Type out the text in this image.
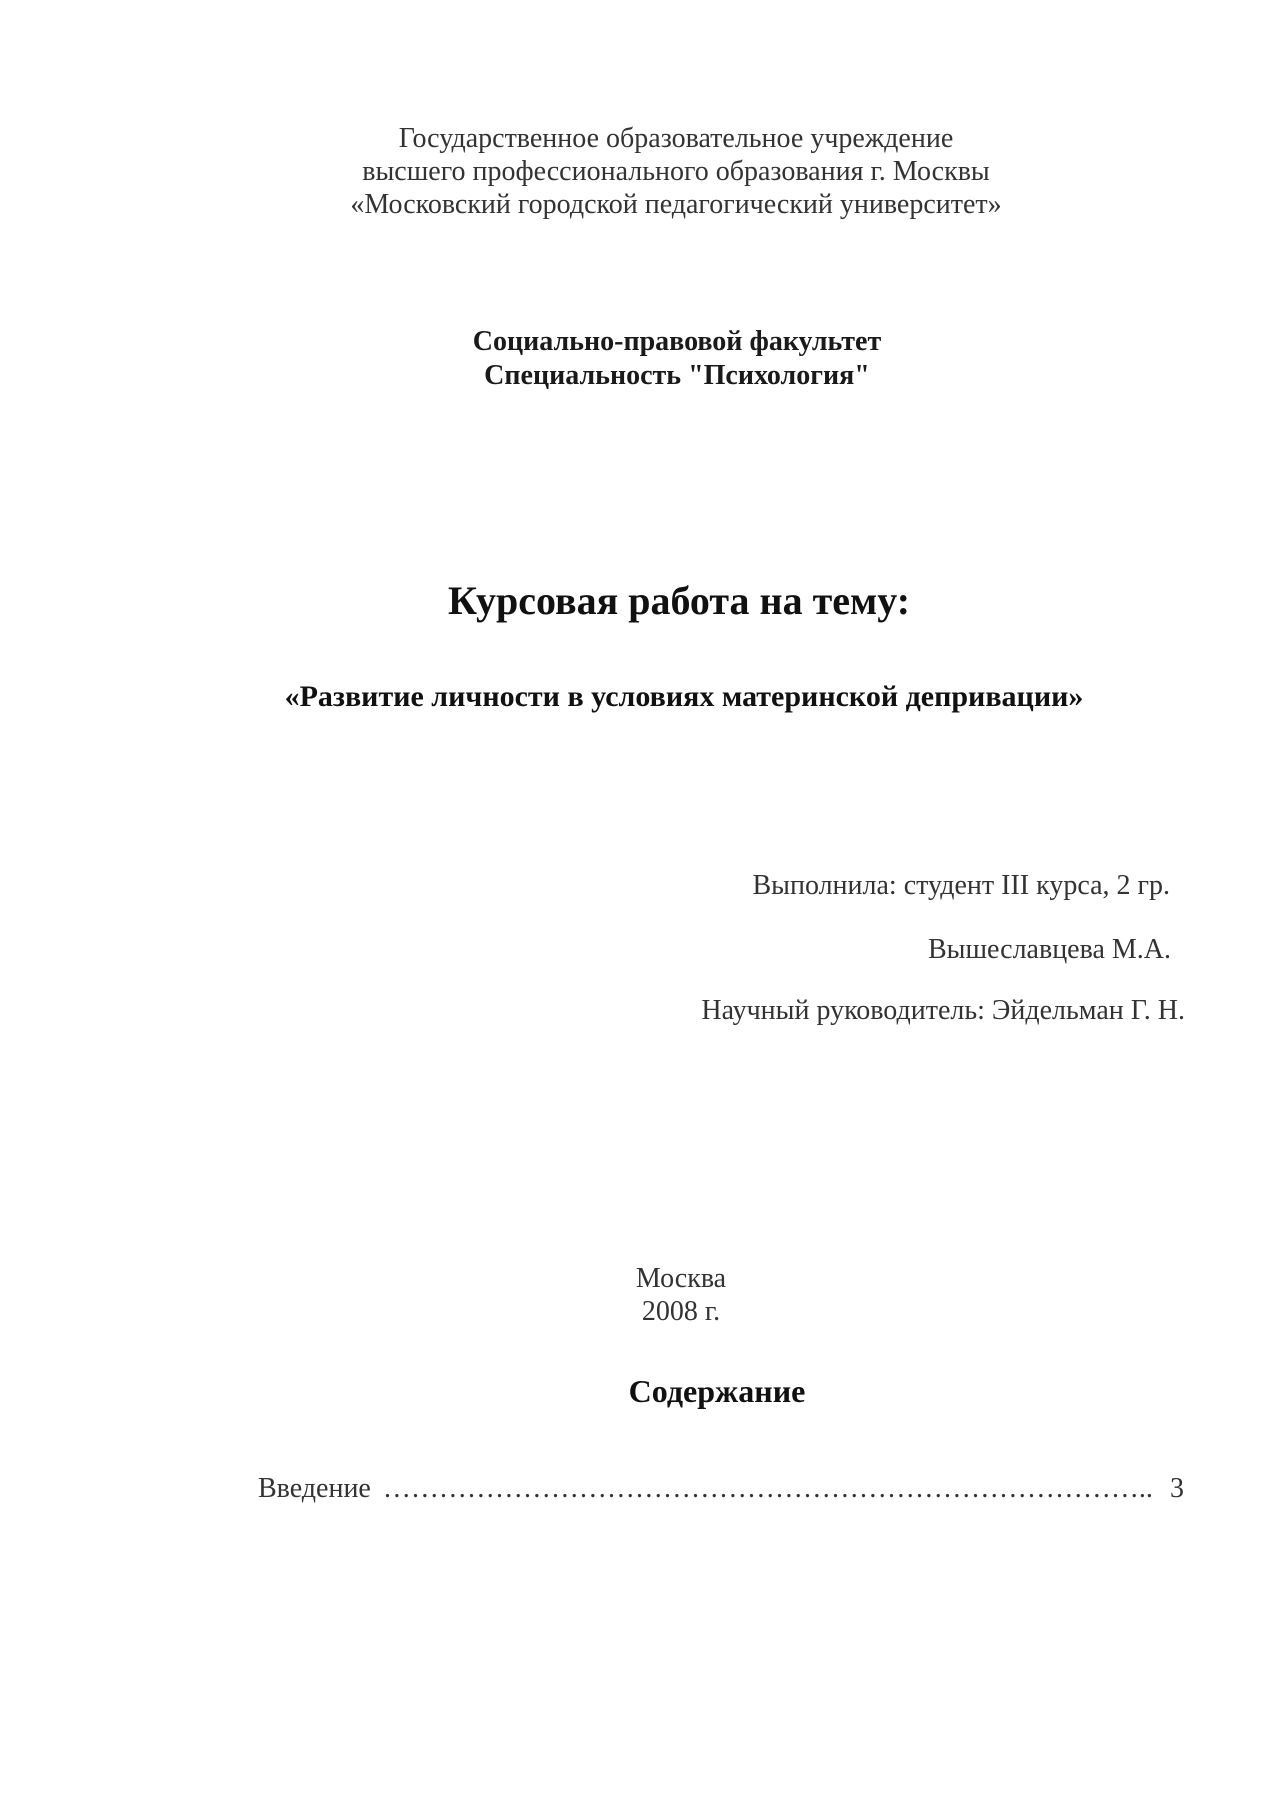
Государственное образовательное учреждение
высшего профессионального образования г. Москвы
«Московский городской педагогический университет»
Социально-правовой факультет
Специальность "Психология"
Курсовая работа на тему:
«Развитие личности в условиях материнской депривации»
Выполнила: студент III курса, 2 гр.
Вышеславцева М.А.
Научный руководитель: Эйдельман Г. Н.
Москва
2008 г.
Содержание
Введение ……………………………………………………………………….. 3
